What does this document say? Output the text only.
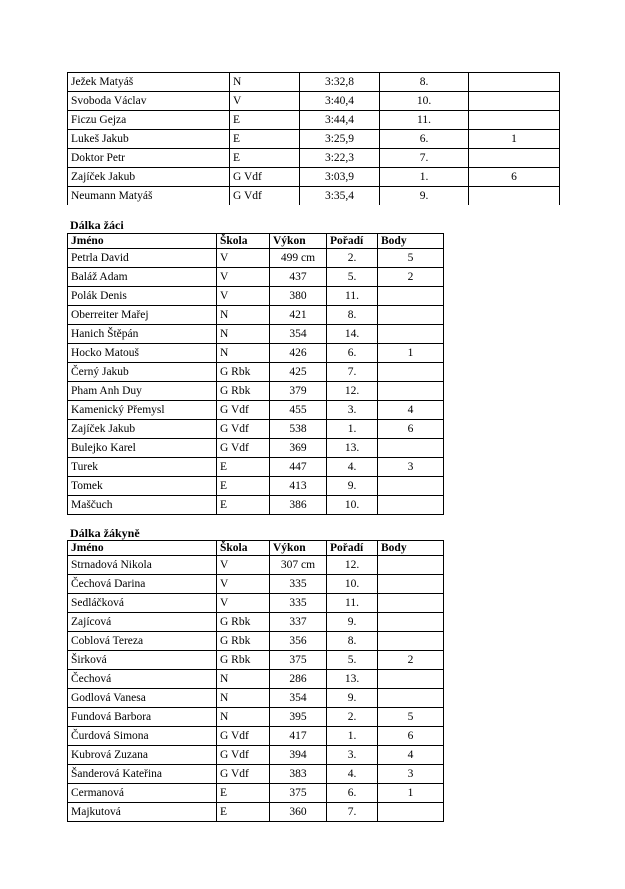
Ježek Matyáš	N	3:32,8	8.	
Svoboda Václav	V	3:40,4	10.	
Ficzu Gejza	E	3:44,4	11.	
Lukeš Jakub	E	3:25,9	6.	1
Doktor Petr	E	3:22,3	7.	
Zajíček Jakub	G Vdf	3:03,9	1.	6
Neumann Matyáš	G Vdf	3:35,4	9.	
Dálka žáci
Jméno	Škola	Výkon	Pořadí	Body
Petrla David	V	499 cm	2.	5
Baláž Adam	V	437	5.	2
Polák Denis	V	380	11.	
Oberreiter Mařej	N	421	8.	
Hanich Štěpán	N	354	14.	
Hocko Matouš	N	426	6.	1
Černý Jakub	G Rbk	425	7.	
Pham Anh Duy	G Rbk	379	12.	
Kamenický Přemysl	G Vdf	455	3.	4
Zajíček Jakub	G Vdf	538	1.	6
Bulejko Karel	G Vdf	369	13.	
Turek	E	447	4.	3
Tomek	E	413	9.	
Maščuch	E	386	10.	
Dálka žákyně
Jméno	Škola	Výkon	Pořadí	Body
Strnadová Nikola	V	307 cm	12.	
Čechová Darina	V	335	10.	
Sedláčková	V	335	11.	
Zajícová	G Rbk	337	9.	
Coblová Tereza	G Rbk	356	8.	
Širková	G Rbk	375	5.	2
Čechová	N	286	13.	
Godlová Vanesa	N	354	9.	
Fundová Barbora	N	395	2.	5
Čurdová Simona	G Vdf	417	1.	6
Kubrová Zuzana	G Vdf	394	3.	4
Šanderová Kateřina	G Vdf	383	4.	3
Cermanová	E	375	6.	1
Majkutová	E	360	7.	
